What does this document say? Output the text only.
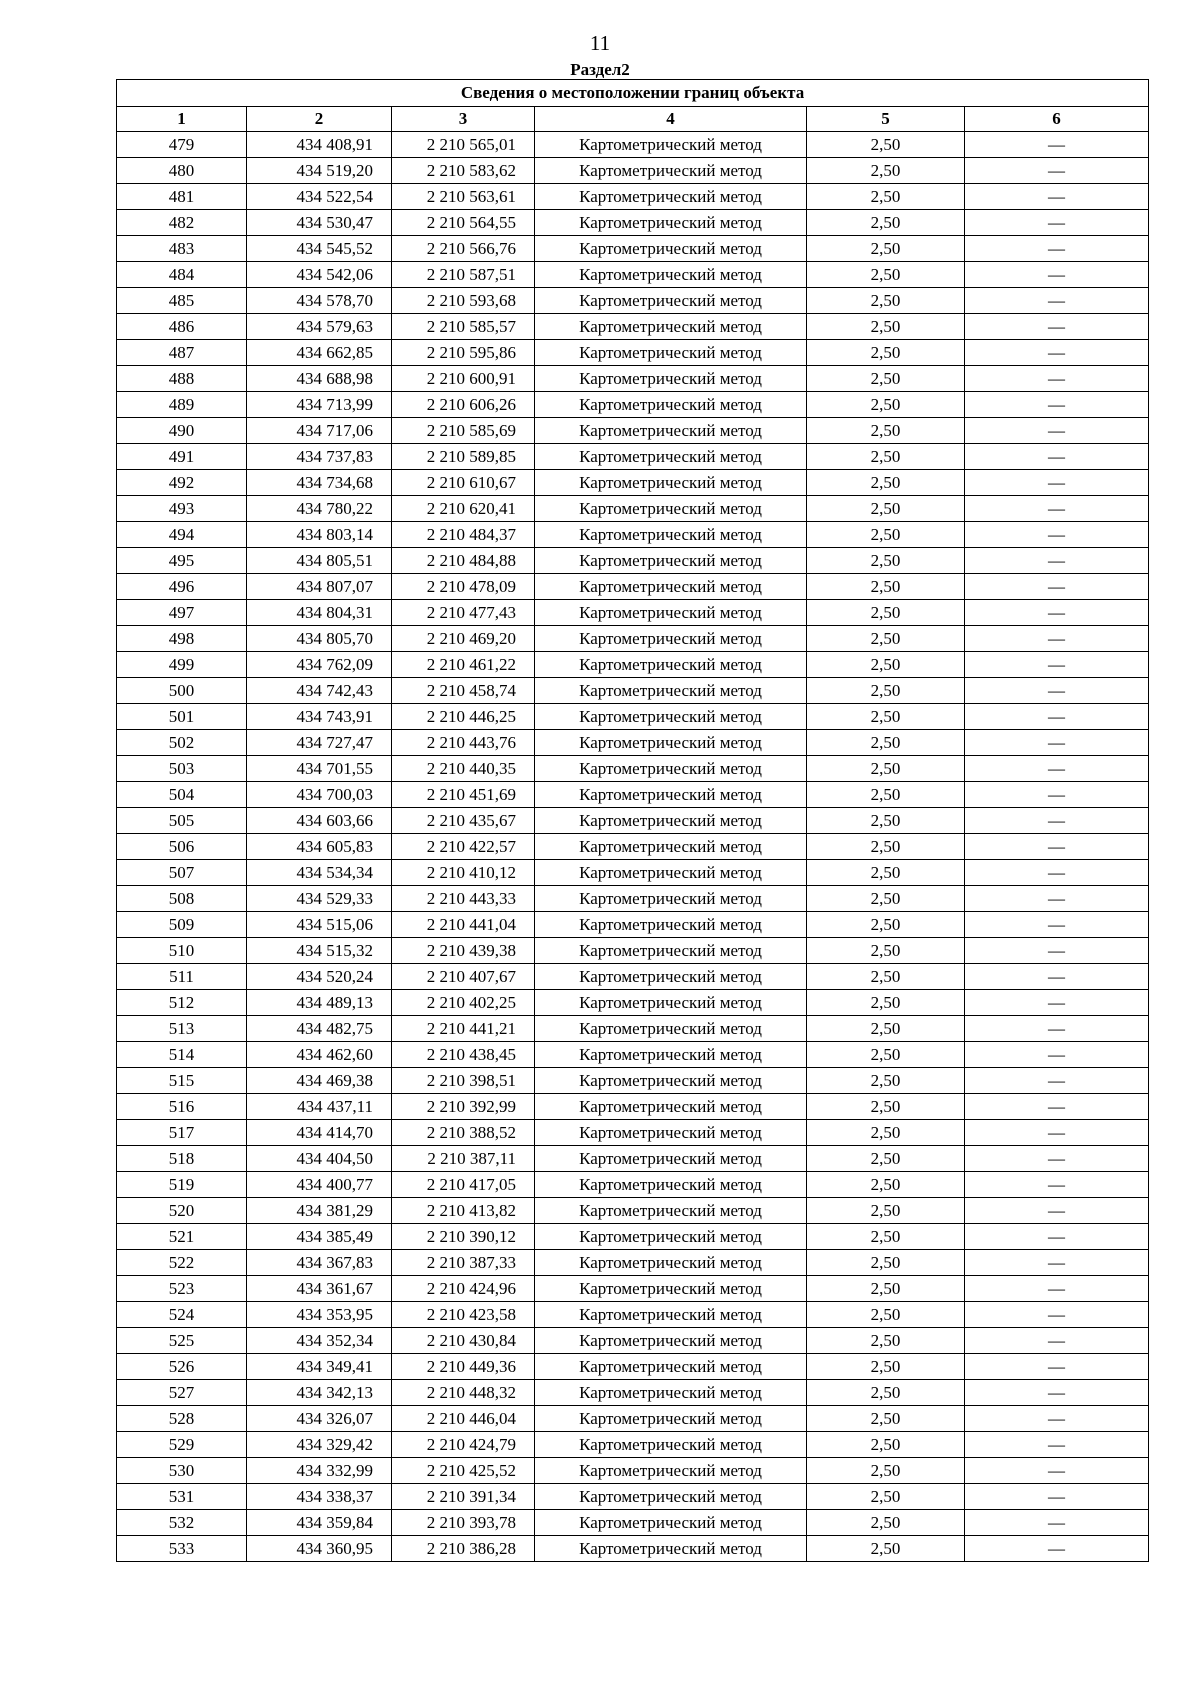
11
Раздел2
Сведения о местоположении границ объекта					
1	2	3	4	5	6
479	434 408,91	2 210 565,01	Картометрический метод	2,50	—
480	434 519,20	2 210 583,62	Картометрический метод	2,50	—
481	434 522,54	2 210 563,61	Картометрический метод	2,50	—
482	434 530,47	2 210 564,55	Картометрический метод	2,50	—
483	434 545,52	2 210 566,76	Картометрический метод	2,50	—
484	434 542,06	2 210 587,51	Картометрический метод	2,50	—
485	434 578,70	2 210 593,68	Картометрический метод	2,50	—
486	434 579,63	2 210 585,57	Картометрический метод	2,50	—
487	434 662,85	2 210 595,86	Картометрический метод	2,50	—
488	434 688,98	2 210 600,91	Картометрический метод	2,50	—
489	434 713,99	2 210 606,26	Картометрический метод	2,50	—
490	434 717,06	2 210 585,69	Картометрический метод	2,50	—
491	434 737,83	2 210 589,85	Картометрический метод	2,50	—
492	434 734,68	2 210 610,67	Картометрический метод	2,50	—
493	434 780,22	2 210 620,41	Картометрический метод	2,50	—
494	434 803,14	2 210 484,37	Картометрический метод	2,50	—
495	434 805,51	2 210 484,88	Картометрический метод	2,50	—
496	434 807,07	2 210 478,09	Картометрический метод	2,50	—
497	434 804,31	2 210 477,43	Картометрический метод	2,50	—
498	434 805,70	2 210 469,20	Картометрический метод	2,50	—
499	434 762,09	2 210 461,22	Картометрический метод	2,50	—
500	434 742,43	2 210 458,74	Картометрический метод	2,50	—
501	434 743,91	2 210 446,25	Картометрический метод	2,50	—
502	434 727,47	2 210 443,76	Картометрический метод	2,50	—
503	434 701,55	2 210 440,35	Картометрический метод	2,50	—
504	434 700,03	2 210 451,69	Картометрический метод	2,50	—
505	434 603,66	2 210 435,67	Картометрический метод	2,50	—
506	434 605,83	2 210 422,57	Картометрический метод	2,50	—
507	434 534,34	2 210 410,12	Картометрический метод	2,50	—
508	434 529,33	2 210 443,33	Картометрический метод	2,50	—
509	434 515,06	2 210 441,04	Картометрический метод	2,50	—
510	434 515,32	2 210 439,38	Картометрический метод	2,50	—
511	434 520,24	2 210 407,67	Картометрический метод	2,50	—
512	434 489,13	2 210 402,25	Картометрический метод	2,50	—
513	434 482,75	2 210 441,21	Картометрический метод	2,50	—
514	434 462,60	2 210 438,45	Картометрический метод	2,50	—
515	434 469,38	2 210 398,51	Картометрический метод	2,50	—
516	434 437,11	2 210 392,99	Картометрический метод	2,50	—
517	434 414,70	2 210 388,52	Картометрический метод	2,50	—
518	434 404,50	2 210 387,11	Картометрический метод	2,50	—
519	434 400,77	2 210 417,05	Картометрический метод	2,50	—
520	434 381,29	2 210 413,82	Картометрический метод	2,50	—
521	434 385,49	2 210 390,12	Картометрический метод	2,50	—
522	434 367,83	2 210 387,33	Картометрический метод	2,50	—
523	434 361,67	2 210 424,96	Картометрический метод	2,50	—
524	434 353,95	2 210 423,58	Картометрический метод	2,50	—
525	434 352,34	2 210 430,84	Картометрический метод	2,50	—
526	434 349,41	2 210 449,36	Картометрический метод	2,50	—
527	434 342,13	2 210 448,32	Картометрический метод	2,50	—
528	434 326,07	2 210 446,04	Картометрический метод	2,50	—
529	434 329,42	2 210 424,79	Картометрический метод	2,50	—
530	434 332,99	2 210 425,52	Картометрический метод	2,50	—
531	434 338,37	2 210 391,34	Картометрический метод	2,50	—
532	434 359,84	2 210 393,78	Картометрический метод	2,50	—
533	434 360,95	2 210 386,28	Картометрический метод	2,50	—
